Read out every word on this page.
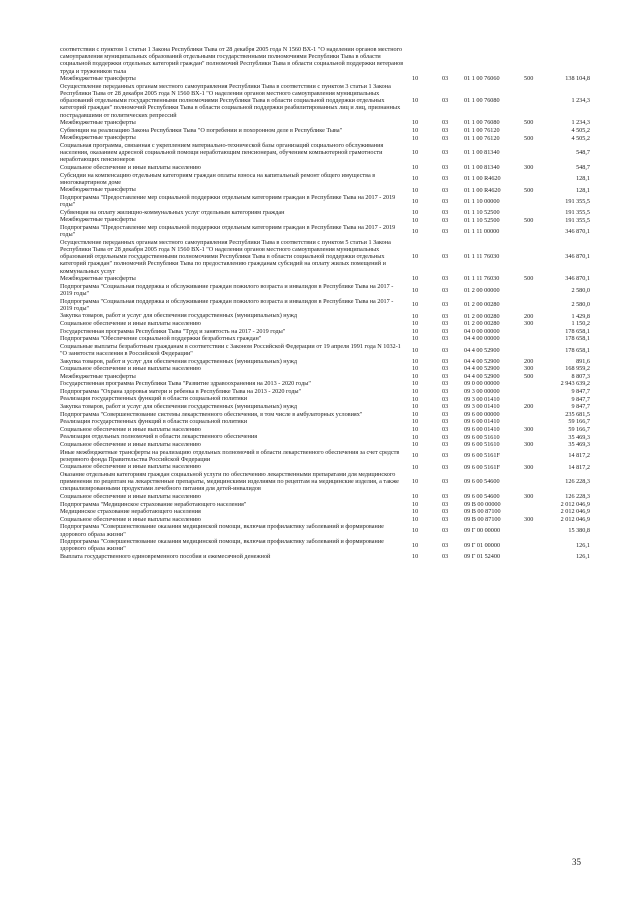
соответствии с пунктом 1 статьи 1 Закона Республики Тыва от 28 декабря 2005 года N 1560 ВХ-1 "О наделении органов местного самоуправления муниципальных образований отдельными государственными полномочиями Республики Тыва в области социальной поддержки отдельных категорий граждан" полномочий Республики Тыва в области социальной поддержки ветеранов труда и тружеников тыла					
Межбюджетные трансферты	10	03	01 1 00 76060	500	138 104,8
Осуществление переданных органам местного самоуправления Республики Тыва в соответствии с пунктом 3 статьи 1 Закона Республики Тыва от 28 декабря 2005 года N 1560 ВХ-1 "О наделении органов местного самоуправления муниципальных образований отдельными государственными полномочиями Республики Тыва в области социальной поддержки отдельных категорий граждан" полномочий Республики Тыва в области социальной поддержки реабилитированных лиц и лиц, признанных пострадавшими от политических репрессий	10	03	01 1 00 76080		1 234,3
Межбюджетные трансферты	10	03	01 1 00 76080	500	1 234,3
Субвенции на реализацию Закона Республики Тыва "О погребении и похоронном деле в Республике Тыва"	10	03	01 1 00 76120		4 505,2
Межбюджетные трансферты	10	03	01 1 00 76120	500	4 505,2
Социальная программа, связанная с укреплением материально-технической базы организаций социального обслуживания населения, оказанием адресной социальной помощи неработающим пенсионерам, обучением компьютерной грамотности неработающих пенсионеров	10	03	01 1 00 81340		548,7
Социальное обеспечение и иные выплаты населению	10	03	01 1 00 81340	300	548,7
Субсидии на компенсацию отдельным категориям граждан оплаты взноса на капитальный ремонт общего имущества в многоквартирном доме	10	03	01 1 00 R4620		128,1
Межбюджетные трансферты	10	03	01 1 00 R4620	500	128,1
Подпрограмма "Предоставление мер социальной поддержки отдельным категориям граждан в Республике Тыва на 2017 - 2019 годы"	10	03	01 1 10 00000		191 355,5
Субвенция на оплату жилищно-коммунальных услуг отдельным категориям граждан	10	03	01 1 10 52500		191 355,5
Межбюджетные трансферты	10	03	01 1 10 52500	500	191 355,5
Подпрограмма "Предоставление мер социальной поддержки отдельным категориям граждан в Республике Тыва на 2017 - 2019 годы"	10	03	01 1 11 00000		346 870,1
Осуществление переданных органам местного самоуправления Республики Тыва в соответствии с пунктом 5 статьи 1 Закона Республики Тыва от 28 декабря 2005 года N 1560 ВХ-1 "О наделении органов местного самоуправления муниципальных образований отдельными государственными полномочиями Республики Тыва в области социальной поддержки отдельных категорий граждан" полномочий Республики Тыва по предоставлению гражданам субсидий на оплату жилых помещений и коммунальных услуг	10	03	01 1 11 76030		346 870,1
Межбюджетные трансферты	10	03	01 1 11 76030	500	346 870,1
Подпрограмма "Социальная поддержка и обслуживание граждан пожилого возраста и инвалидов в Республике Тыва на 2017 - 2019 годы"	10	03	01 2 00 00000		2 580,0
Подпрограмма "Социальная поддержка и обслуживание граждан пожилого возраста и инвалидов в Республике Тыва на 2017 - 2019 годы"	10	03	01 2 00 00280		2 580,0
Закупка товаров, работ и услуг для обеспечения государственных (муниципальных) нужд	10	03	01 2 00 00280	200	1 429,8
Социальное обеспечение и иные выплаты населению	10	03	01 2 00 00280	300	1 150,2
Государственная программа Республики Тыва "Труд и занятость на 2017 - 2019 годы"	10	03	04 0 00 00000		178 658,1
Подпрограмма "Обеспечение социальной поддержки безработных граждан"	10	03	04 4 00 00000		178 658,1
Социальные выплаты безработным гражданам в соответствии с Законом Российской Федерации от 19 апреля 1991 года N 1032-1 "О занятости населения в Российской Федерации"	10	03	04 4 00 52900		178 658,1
Закупка товаров, работ и услуг для обеспечения государственных (муниципальных) нужд	10	03	04 4 00 52900	200	891,6
Социальное обеспечение и иные выплаты населению	10	03	04 4 00 52900	300	168 959,2
Межбюджетные трансферты	10	03	04 4 00 52900	500	8 807,3
Государственная программа Республики Тыва "Развитие здравоохранения на 2013 - 2020 годы"	10	03	09 0 00 00000		2 943 639,2
Подпрограмма "Охрана здоровья матери и ребенка в Республике Тыва на 2013 - 2020 годы"	10	03	09 3 00 00000		9 847,7
Реализация государственных функций в области социальной политики	10	03	09 3 00 01410		9 847,7
Закупка товаров, работ и услуг для обеспечения государственных (муниципальных) нужд	10	03	09 3 00 01410	200	9 847,7
Подпрограмма "Совершенствование системы лекарственного обеспечения, в том числе в амбулаторных условиях"	10	03	09 6 00 00000		235 681,5
Реализация государственных функций в области социальной политики	10	03	09 6 00 01410		59 166,7
Социальное обеспечение и иные выплаты населению	10	03	09 6 00 01410	300	59 166,7
Реализация отдельных полномочий в области лекарственного обеспечения	10	03	09 6 00 51610		35 469,3
Социальное обеспечение и иные выплаты населению	10	03	09 6 00 51610	300	35 469,3
Иные межбюджетные трансферты на реализацию отдельных полномочий в области лекарственного обеспечения за счет средств резервного фонда Правительства Российской Федерации	10	03	09 6 00 5161F		14 817,2
Социальное обеспечение и иные выплаты населению	10	03	09 6 00 5161F	300	14 817,2
Оказание отдельным категориям граждан социальной услуги по обеспечению лекарственными препаратами для медицинского применения по рецептам на лекарственные препараты, медицинскими изделиями по рецептам на медицинские изделия, а также специализированными продуктами лечебного питания для детей-инвалидов	10	03	09 6 00 54600		126 228,3
Социальное обеспечение и иные выплаты населению	10	03	09 6 00 54600	300	126 228,3
Подпрограмма "Медицинское страхование неработающего населения"	10	03	09 В 00 00000		2 012 046,9
Медицинское страхование неработающего населения	10	03	09 В 00 87100		2 012 046,9
Социальное обеспечение и иные выплаты населению	10	03	09 В 00 87100	300	2 012 046,9
Подпрограмма "Совершенствование оказания медицинской помощи, включая профилактику заболеваний и формирование здорового образа жизни"	10	03	09 Г 00 00000		15 380,8
Подпрограмма "Совершенствование оказания медицинской помощи, включая профилактику заболеваний и формирование здорового образа жизни"	10	03	09 Г 01 00000		126,1
Выплата государственного единовременного пособия и ежемесячной денежной	10	03	09 Г 01 52400		126,1
35
